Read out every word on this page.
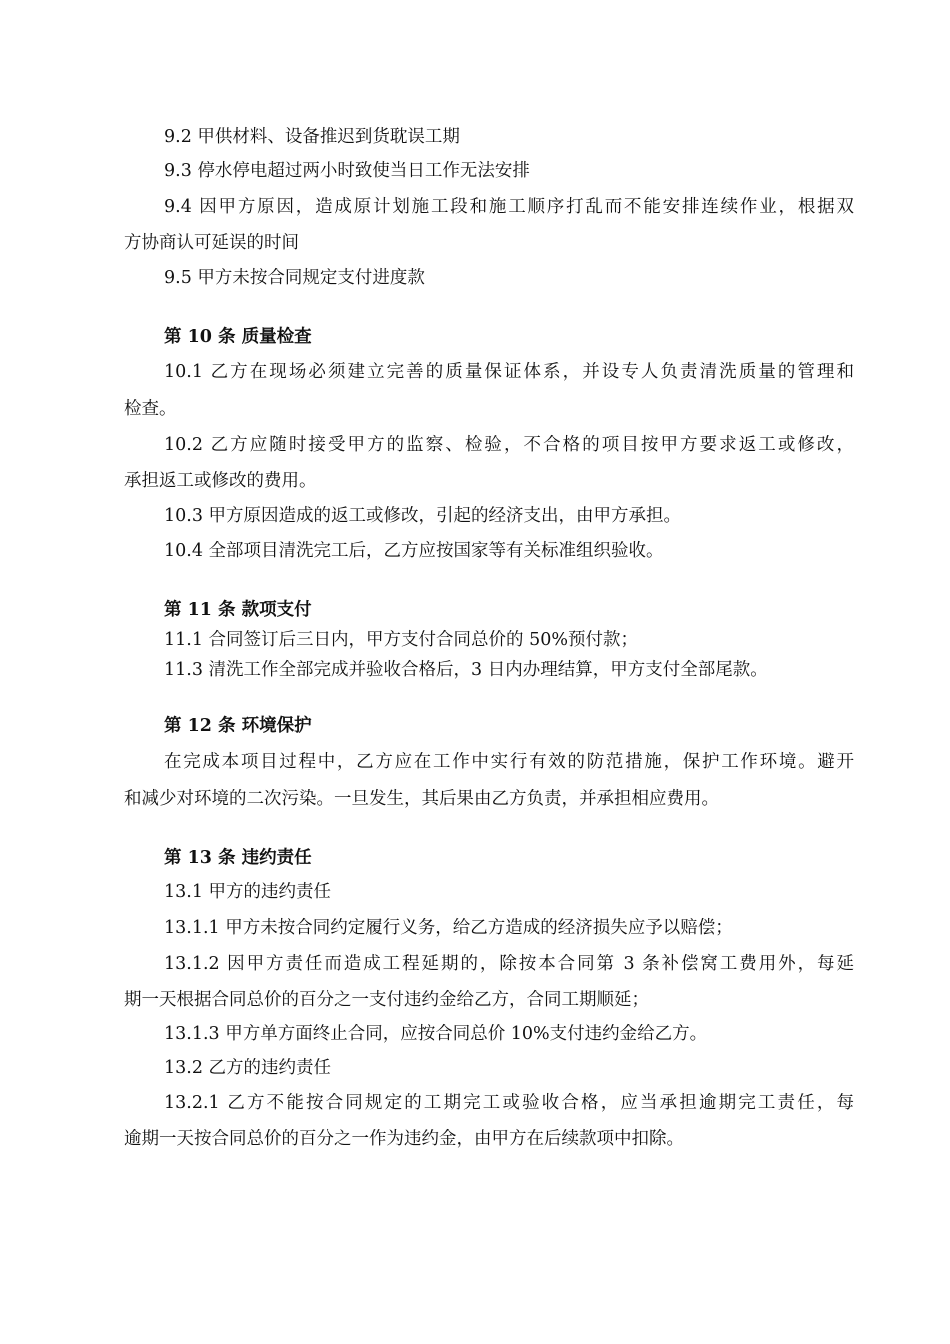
9.2 甲供材料、设备推迟到货耽误工期
9.3 停水停电超过两小时致使当日工作无法安排
9.4 因甲方原因，造成原计划施工段和施工顺序打乱而不能安排连续作业，根据双
方协商认可延误的时间
9.5 甲方未按合同规定支付进度款
第 10 条 质量检查
10.1 乙方在现场必须建立完善的质量保证体系，并设专人负责清洗质量的管理和
检查。
10.2 乙方应随时接受甲方的监察、检验，不合格的项目按甲方要求返工或修改，
承担返工或修改的费用。
10.3 甲方原因造成的返工或修改，引起的经济支出，由甲方承担。
10.4 全部项目清洗完工后，乙方应按国家等有关标准组织验收。
第 11 条 款项支付
11.1 合同签订后三日内，甲方支付合同总价的 50%预付款；
11.3 清洗工作全部完成并验收合格后，3 日内办理结算，甲方支付全部尾款。
第 12 条 环境保护
在完成本项目过程中，乙方应在工作中实行有效的防范措施，保护工作环境。避开
和减少对环境的二次污染。一旦发生，其后果由乙方负责，并承担相应费用。
第 13 条 违约责任
13.1 甲方的违约责任
13.1.1 甲方未按合同约定履行义务，给乙方造成的经济损失应予以赔偿；
13.1.2 因甲方责任而造成工程延期的，除按本合同第 3 条补偿窝工费用外，每延
期一天根据合同总价的百分之一支付违约金给乙方，合同工期顺延；
13.1.3 甲方单方面终止合同，应按合同总价 10%支付违约金给乙方。
13.2 乙方的违约责任
13.2.1 乙方不能按合同规定的工期完工或验收合格，应当承担逾期完工责任，每
逾期一天按合同总价的百分之一作为违约金，由甲方在后续款项中扣除。
